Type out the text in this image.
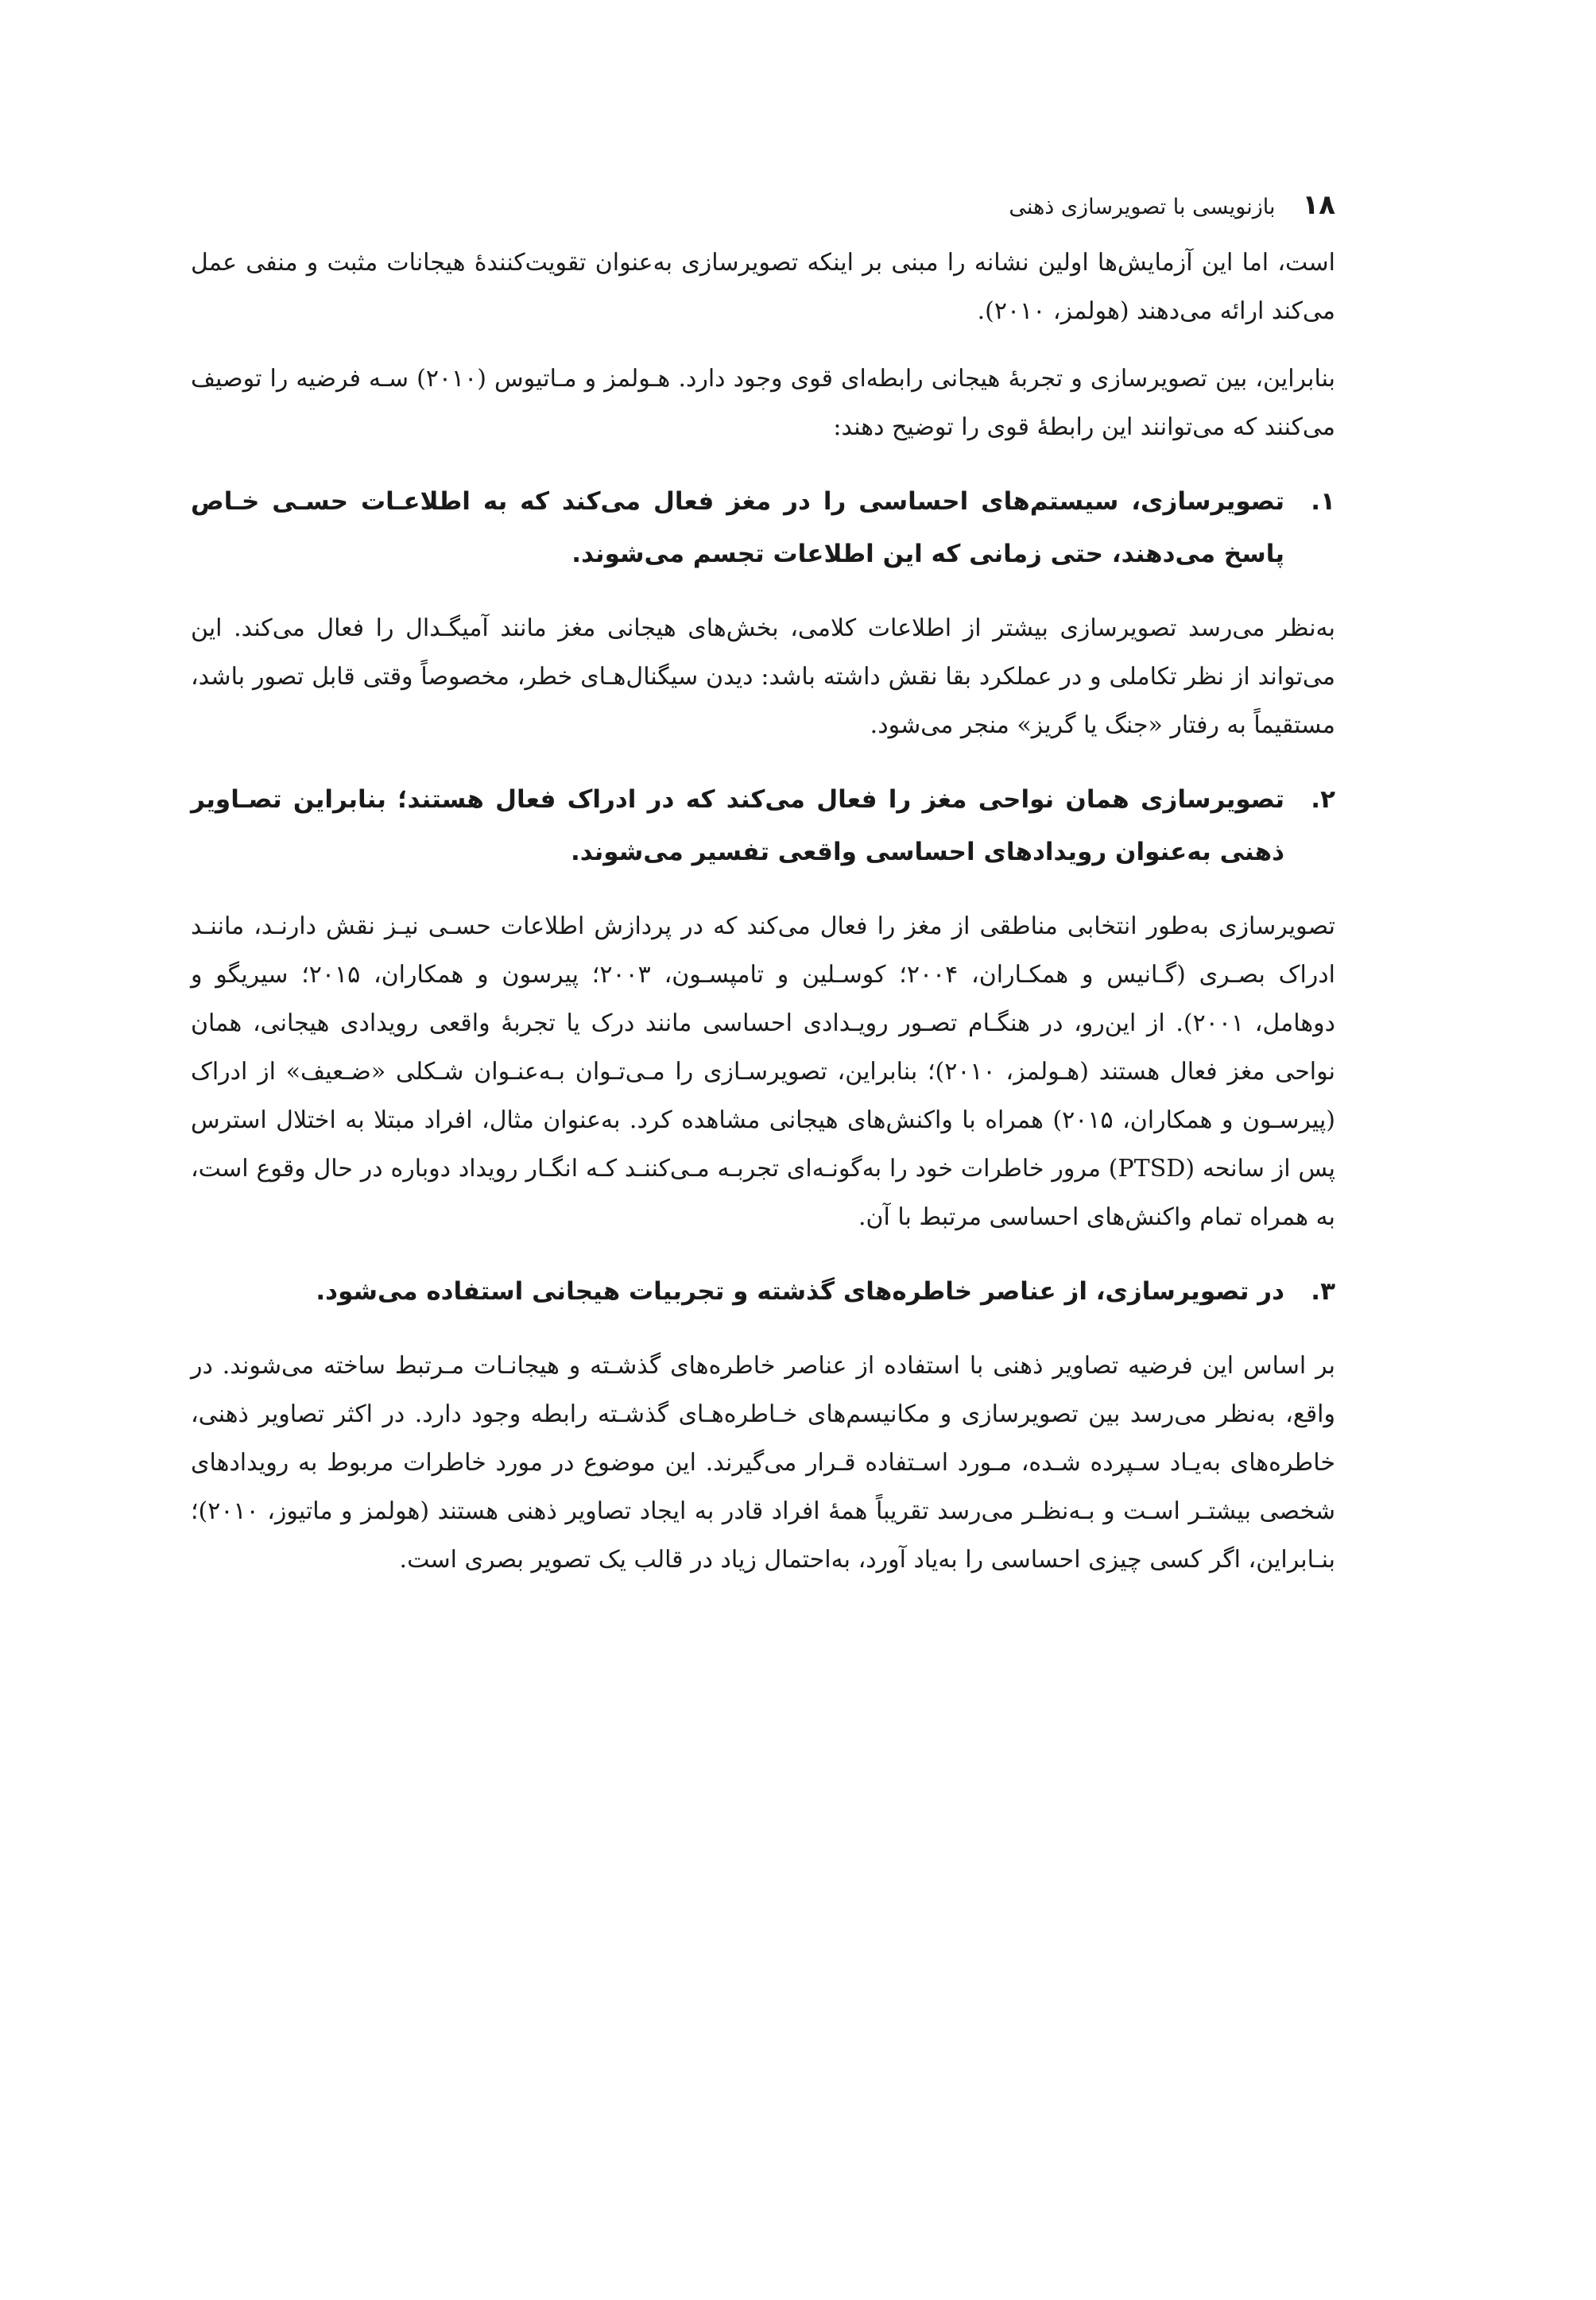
۱۸
بازنویسی با تصویرسازی ذهنی

است، اما این آزمایش‌ها اولین نشانه را مبنی بر اینکه تصویرسازی به‌عنوان تقویت‌کنندهٔ هیجانات مثبت و منفی عمل می‌کند ارائه می‌دهند (هولمز، ۲۰۱۰).

بنابراین، بین تصویرسازی و تجربهٔ هیجانی رابطه‌ای قوی وجود دارد. هـولمز و مـاتیوس (۲۰۱۰) سـه فرضیه را توصیف می‌کنند که می‌توانند این رابطهٔ قوی را توضیح دهند:

۱.
تصویرسازی، سیستم‌های احساسی را در مغز فعال می‌کند که به اطلاعـات حسـی خـاص پاسخ می‌دهند، حتی زمانی که این اطلاعات تجسم می‌شوند.

به‌نظر می‌رسد تصویرسازی بیشتر از اطلاعات کلامی، بخش‌های هیجانی مغز مانند آمیگـدال را فعال می‌کند. این می‌تواند از نظر تکاملی و در عملکرد بقا نقش داشته باشد: دیدن سیگنال‌هـای خطر، مخصوصاً وقتی قابل تصور باشد، مستقیماً به رفتار «جنگ یا گریز» منجر می‌شود.

۲.
تصویرسازی همان نواحی مغز را فعال می‌کند که در ادراک فعال هستند؛ بنابراین تصـاویر ذهنی به‌عنوان رویدادهای احساسی واقعی تفسیر می‌شوند.

تصویرسازی به‌طور انتخابی مناطقی از مغز را فعال می‌کند که در پردازش اطلاعات حسـی نیـز نقش دارنـد، ماننـد ادراک بصـری (گـانیس و همکـاران، ۲۰۰۴؛ کوسـلین و تامپسـون، ۲۰۰۳؛ پیرسون و همکاران، ۲۰۱۵؛ سیریگو و دوهامل، ۲۰۰۱). از این‌رو، در هنگـام تصـور رویـدادی احساسی مانند درک یا تجربهٔ واقعی رویدادی هیجانی، همان نواحی مغز فعال هستند (هـولمز، ۲۰۱۰)؛ بنابراین، تصویرسـازی را مـی‌تـوان بـه‌عنـوان شـکلی «ضـعیف» از ادراک (پیرسـون و همکاران، ۲۰۱۵) همراه با واکنش‌های هیجانی مشاهده کرد. به‌عنوان مثال، افراد مبتلا به اختلال استرس پس از سانحه (PTSD) مرور خاطرات خود را به‌گونـه‌ای تجربـه مـی‌کننـد کـه انگـار رویداد دوباره در حال وقوع است، به همراه تمام واکنش‌های احساسی مرتبط با آن.

۳.
در تصویرسازی، از عناصر خاطره‌های گذشته و تجربیات هیجانی استفاده می‌شود.

بر اساس این فرضیه تصاویر ذهنی با استفاده از عناصر خاطره‌های گذشـته و هیجانـات مـرتبط ساخته می‌شوند. در واقع، به‌نظر می‌رسد بین تصویرسازی و مکانیسم‌های خـاطره‌هـای گذشـته رابطه وجود دارد. در اکثر تصاویر ذهنی، خاطره‌های به‌یـاد سـپرده شـده، مـورد اسـتفاده قـرار می‌گیرند. این موضوع در مورد خاطرات مربوط به رویدادهای شخصی بیشتـر اسـت و بـه‌نظـر می‌رسد تقریباً همهٔ افراد قادر به ایجاد تصاویر ذهنی هستند (هولمز و ماتیوز، ۲۰۱۰)؛ بنـابراین، اگر کسی چیزی احساسی را به‌یاد آورد، به‌احتمال زیاد در قالب یک تصویر بصری است.
